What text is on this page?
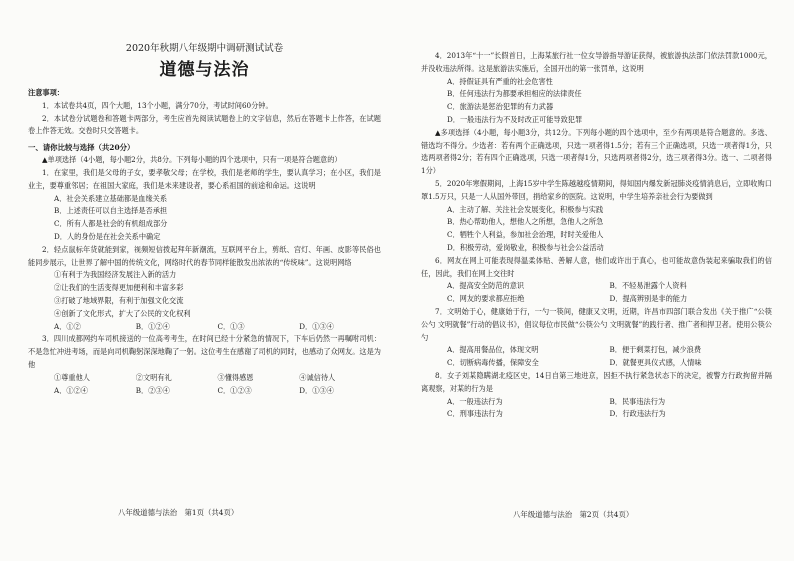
2020年秋期八年级期中调研测试试卷

道德与法治

注意事项：

1．本试卷共4页，四个大题，13个小题，满分70分，考试时间60分钟。

2．本试卷分试题卷和答题卡两部分，考生应首先阅读试题卷上的文字信息，然后在答题卡上作答，在试题卷上作答无效。交卷时只交答题卡。

一、请你比较与选择（共20分）

▲单项选择（4小题，每小题2分，共8分。下列每小题的四个选项中，只有一项是符合题意的）

1．在家里，我们是父母的子女，要孝敬父母；在学校，我们是老师的学生，要认真学习；在小区，我们是业主，要尊重邻居；在祖国大家庭，我们是未来建设者，要心系祖国的前途和命运。这说明

A．社会关系建立基础都是血缘关系

B．上述责任可以自主选择是否承担

C．所有人都是社会的有机组成部分

D．人的身份是在社会关系中确定

2．轻点鼠标年货就能到家，视频短信拨起拜年新潮流，互联网平台上，剪纸、宫灯、年画、皮影等民俗也能同步展示，让世界了解中国的传统文化，网络时代的春节同样能散发出浓浓的“传统味”。这说明网络

①有利于为我国经济发展注入新的活力

②让我们的生活变得更加便利和丰富多彩

③打破了地域界限，有利于加强文化交流

④创新了文化形式，扩大了公民的文化权利

A．①②	B．①②④	C．①③	D．①③④

3．四川成都网约车司机接送的一位高考考生，在时间已经十分紧急的情况下，下车后仍然一再嘱咐司机：不是急忙冲进考场，而是向司机鞠躬深深地鞠了一躬。这位考生在感谢了司机的同时，也感动了众网友。这是为他

①尊重他人	②文明有礼	③懂得感恩	④诚信待人
A．①②④	B．②③④	C．①②③	D．①③④
八年级道德与法治　第1页（共4页）

4．2013年“十一”长假首日，上海某旅行社一位女导游指导游证获得，被旅游执法部门依法罚款1000元，并没收违法所得。这是旅游法实施后，全国开出的第一张罚单，这说明

A．持假证具有严重的社会危害性

B．任何违法行为都要承担相应的法律责任

C．旅游法是惩治犯罪的有力武器

D．一般违法行为不及时改正可能导致犯罪

▲多项选择（4小题，每小题3分，共12分。下列每小题的四个选项中，至少有两项是符合题意的。多选、错选均不得分。少选者：若有两个正确选项，只选一项者得1.5分；若有三个正确选项，只选一项者得1分，只选两项者得2分；若有四个正确选项，只选一项者得1分，只选两项者得2分，选三项者得3分。选一、二项者得1分）

5．2020年寒假期间，上海15岁中学生陈越越疫情期间，得知国内爆发新冠肺炎疫情消息后，立即收购口罩1.5万只，只是一人从国外带回，捐给家乡的医院。这说明，中学生培养亲社会行为要做到

A．主动了解、关注社会发展变化，积极参与实践

B．热心帮助他人，想他人之所想，急他人之所急

C．牺牲个人利益，参加社会治理，时时关爱他人

D．积极劳动，爱岗敬业，积极参与社会公益活动

6．网友在网上可能表现得温柔体贴、善解人意，他们或许出于真心，也可能故意伪装起来骗取我们的信任，因此，我们在网上交往时

A．提高安全防范的意识	B．不轻易泄露个人资料
C．网友的要求都应拒绝	D．提高辨别是非的能力

7．文明始于心，健康始于行，一勺一筷间，健康又文明，近期，许昌市四部门联合发出《关于推广“公筷公勺 文明就餐”行动的倡议书》，倡议每位市民做“公筷公勺 文明就餐”的践行者、推广者和捍卫者。使用公筷公勺

A．提高用餐品位，体现文明	B．便于剩菜打包，减少浪费
C．切断病毒传播，保障安全	D．就餐更具仪式感，人情味

8．女子刘某隐瞒湖北疫区史，14日自第三地进京，因拒不执行紧急状态下的决定，被警方行政拘留并隔离观察，对某的行为是

A．一般违法行为	B．民事违法行为
C．刑事违法行为	D．行政违法行为
八年级道德与法治　第2页（共4页）
